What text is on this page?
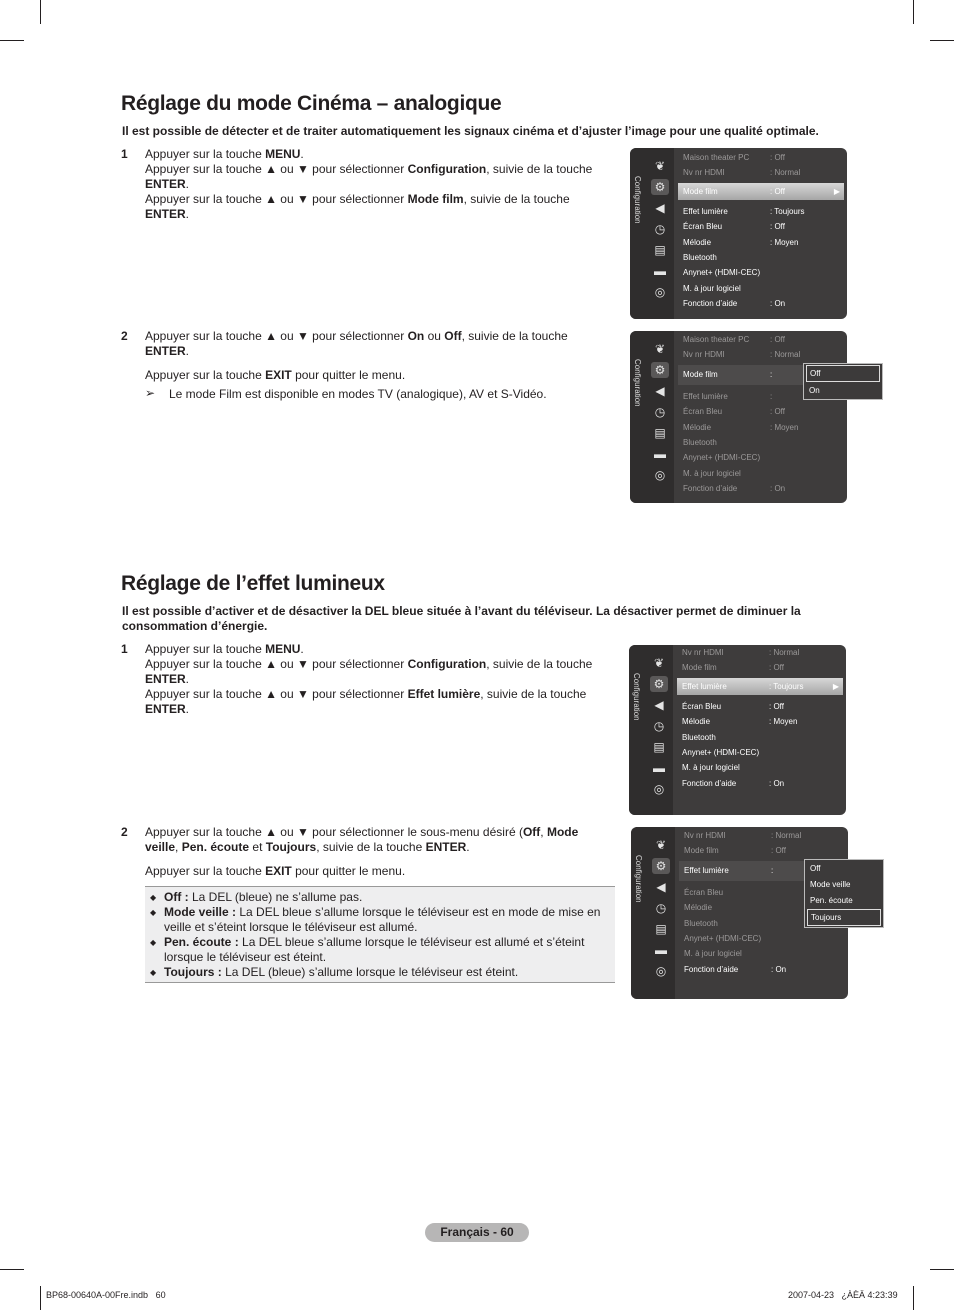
Réglage du mode Cinéma – analogique
Il est possible de détecter et de traiter automatiquement les signaux cinéma et d’ajuster l’image pour une qualité optimale.
1 Appuyer sur la touche MENU.

Appuyer sur la touche ▲ ou ▼ pour sélectionner Configuration, suivie de la touche

ENTER.

Appuyer sur la touche ▲ ou ▼ pour sélectionner Mode film, suivie de la touche

ENTER.

2 Appuyer sur la touche ▲ ou ▼ pour sélectionner On ou Off, suivie de la touche

ENTER.

Appuyer sur la touche EXIT pour quitter le menu.

➢ Le mode Film est disponible en modes TV (analogique), AV et S-Vidéo.
Réglage de l’effet lumineux
Il est possible d’activer et de désactiver la DEL bleue située à l’avant du téléviseur. La désactiver permet de diminuer la consommation d’énergie.
1 Appuyer sur la touche MENU.

Appuyer sur la touche ▲ ou ▼ pour sélectionner Configuration, suivie de la touche

ENTER.

Appuyer sur la touche ▲ ou ▼ pour sélectionner Effet lumière, suivie de la touche

ENTER.

2 Appuyer sur la touche ▲ ou ▼ pour sélectionner le sous-menu désiré (Off, Mode

veille, Pen. écoute et Toujours, suivie de la touche ENTER.

Appuyer sur la touche EXIT pour quitter le menu.

◆ Off : La DEL (bleue) ne s’allume pas.
◆ Mode veille : La DEL bleue s’allume lorsque le téléviseur est en mode de mise en
veille et s’éteint lorsque le téléviseur est allumé.
◆ Pen. écoute : La DEL bleue s’allume lorsque le téléviseur est allumé et s’éteint
lorsque le téléviseur est éteint.
◆ Toujours : La DEL (bleue) s’allume lorsque le téléviseur est éteint.
Configuration
❦
⚙
◀
◷
▤
▬
◎
Maison theater PC	: Off
Nv nr HDMI	: Normal
Mode film	: Off	▶
Effet lumière	: Toujours
Écran Bleu	: Off
Mélodie	: Moyen
Bluetooth
Anynet+ (HDMI-CEC)
M. à jour logiciel
Fonction d’aide	: On
Configuration
❦
⚙
◀
◷
▤
▬
◎
Maison theater PC	: Off
Nv nr HDMI	: Normal
Mode film	:
Effet lumière	:
Écran Bleu	: Off
Mélodie	: Moyen
Bluetooth
Anynet+ (HDMI-CEC)
M. à jour logiciel
Fonction d’aide	: On
Off
On
Configuration
❦
⚙
◀
◷
▤
▬
◎
Nv nr HDMI	: Normal
Mode film	: Off
Effet lumière	: Toujours	▶
Écran Bleu	: Off
Mélodie	: Moyen
Bluetooth
Anynet+ (HDMI-CEC)
M. à jour logiciel
Fonction d’aide	: On
Configuration
❦
⚙
◀
◷
▤
▬
◎
Nv nr HDMI	: Normal
Mode film	: Off
Effet lumière	:
Écran Bleu
Mélodie
Bluetooth
Anynet+ (HDMI-CEC)
M. à jour logiciel
Fonction d’aide	: On
Off
Mode veille
Pen. écoute
Toujours
Français - 60
BP68-00640A-00Fre.indb   60	2007-04-23   ¿ÀÈÄ 4:23:39
